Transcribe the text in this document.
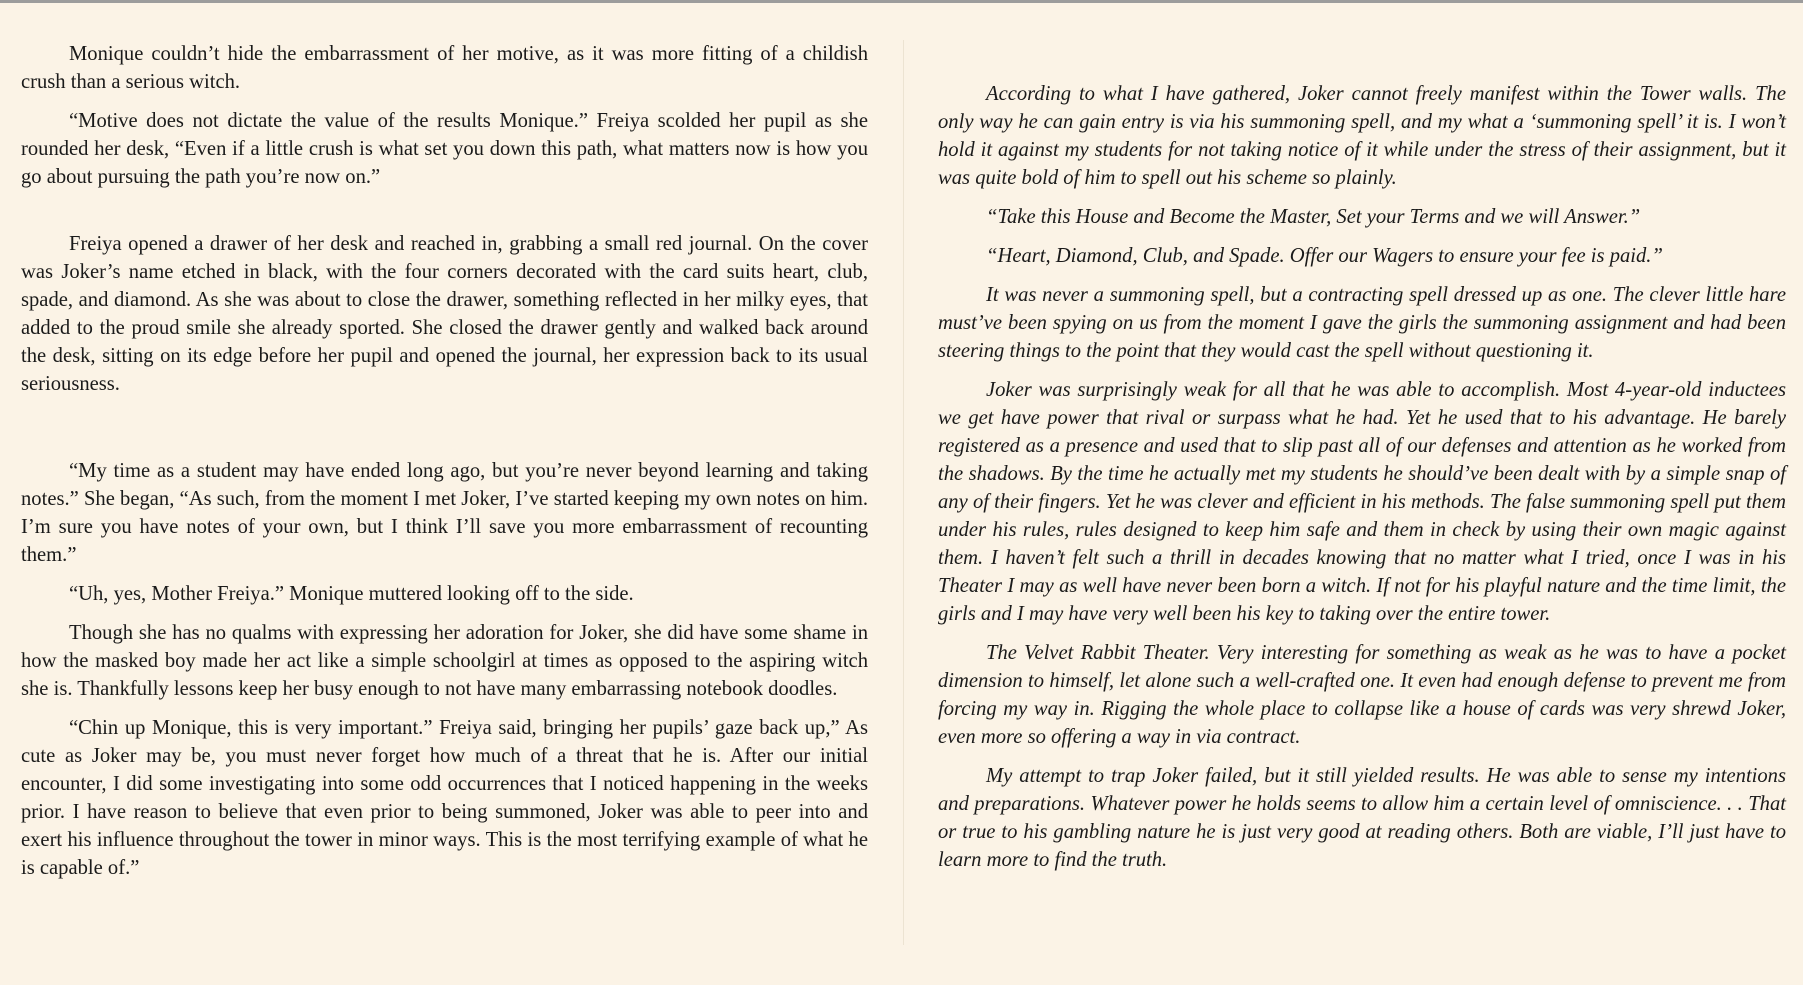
Monique couldn’t hide the embarrassment of her motive, as it was more fitting of a childish crush than a serious witch.

“Motive does not dictate the value of the results Monique.” Freiya scolded her pupil as she rounded her desk, “Even if a little crush is what set you down this path, what matters now is how you go about pursuing the path you’re now on.”

Freiya opened a drawer of her desk and reached in, grabbing a small red journal. On the cover was Joker’s name etched in black, with the four corners decorated with the card suits heart, club, spade, and diamond. As she was about to close the drawer, something reflected in her milky eyes, that added to the proud smile she already sported. She closed the drawer gently and walked back around the desk, sitting on its edge before her pupil and opened the journal, her expression back to its usual seriousness.

“My time as a student may have ended long ago, but you’re never beyond learning and taking notes.” She began, “As such, from the moment I met Joker, I’ve started keeping my own notes on him. I’m sure you have notes of your own, but I think I’ll save you more embarrassment of recounting them.”

“Uh, yes, Mother Freiya.” Monique muttered looking off to the side.

Though she has no qualms with expressing her adoration for Joker, she did have some shame in how the masked boy made her act like a simple schoolgirl at times as opposed to the aspiring witch she is. Thankfully lessons keep her busy enough to not have many embarrassing notebook doodles.

“Chin up Monique, this is very important.” Freiya said, bringing her pupils’ gaze back up,” As cute as Joker may be, you must never forget how much of a threat that he is. After our initial encounter, I did some investigating into some odd occurrences that I noticed happening in the weeks prior. I have reason to believe that even prior to being summoned, Joker was able to peer into and exert his influence throughout the tower in minor ways. This is the most terrifying example of what he is capable of.”

According to what I have gathered, Joker cannot freely manifest within the Tower walls. The only way he can gain entry is via his summoning spell, and my what a ‘summoning spell’ it is. I won’t hold it against my students for not taking notice of it while under the stress of their assignment, but it was quite bold of him to spell out his scheme so plainly.

“Take this House and Become the Master, Set your Terms and we will Answer.”

“Heart, Diamond, Club, and Spade. Offer our Wagers to ensure your fee is paid.”

It was never a summoning spell, but a contracting spell dressed up as one. The clever little hare must’ve been spying on us from the moment I gave the girls the summoning assignment and had been steering things to the point that they would cast the spell without questioning it.

Joker was surprisingly weak for all that he was able to accomplish. Most 4-year-old inductees we get have power that rival or surpass what he had. Yet he used that to his advantage. He barely registered as a presence and used that to slip past all of our defenses and attention as he worked from the shadows. By the time he actually met my students he should’ve been dealt with by a simple snap of any of their fingers. Yet he was clever and efficient in his methods. The false summoning spell put them under his rules, rules designed to keep him safe and them in check by using their own magic against them. I haven’t felt such a thrill in decades knowing that no matter what I tried, once I was in his Theater I may as well have never been born a witch. If not for his playful nature and the time limit, the girls and I may have very well been his key to taking over the entire tower.

The Velvet Rabbit Theater. Very interesting for something as weak as he was to have a pocket dimension to himself, let alone such a well-crafted one. It even had enough defense to prevent me from forcing my way in. Rigging the whole place to collapse like a house of cards was very shrewd Joker, even more so offering a way in via contract.

My attempt to trap Joker failed, but it still yielded results. He was able to sense my intentions and preparations. Whatever power he holds seems to allow him a certain level of omniscience. . . That or true to his gambling nature he is just very good at reading others. Both are viable, I’ll just have to learn more to find the truth.
